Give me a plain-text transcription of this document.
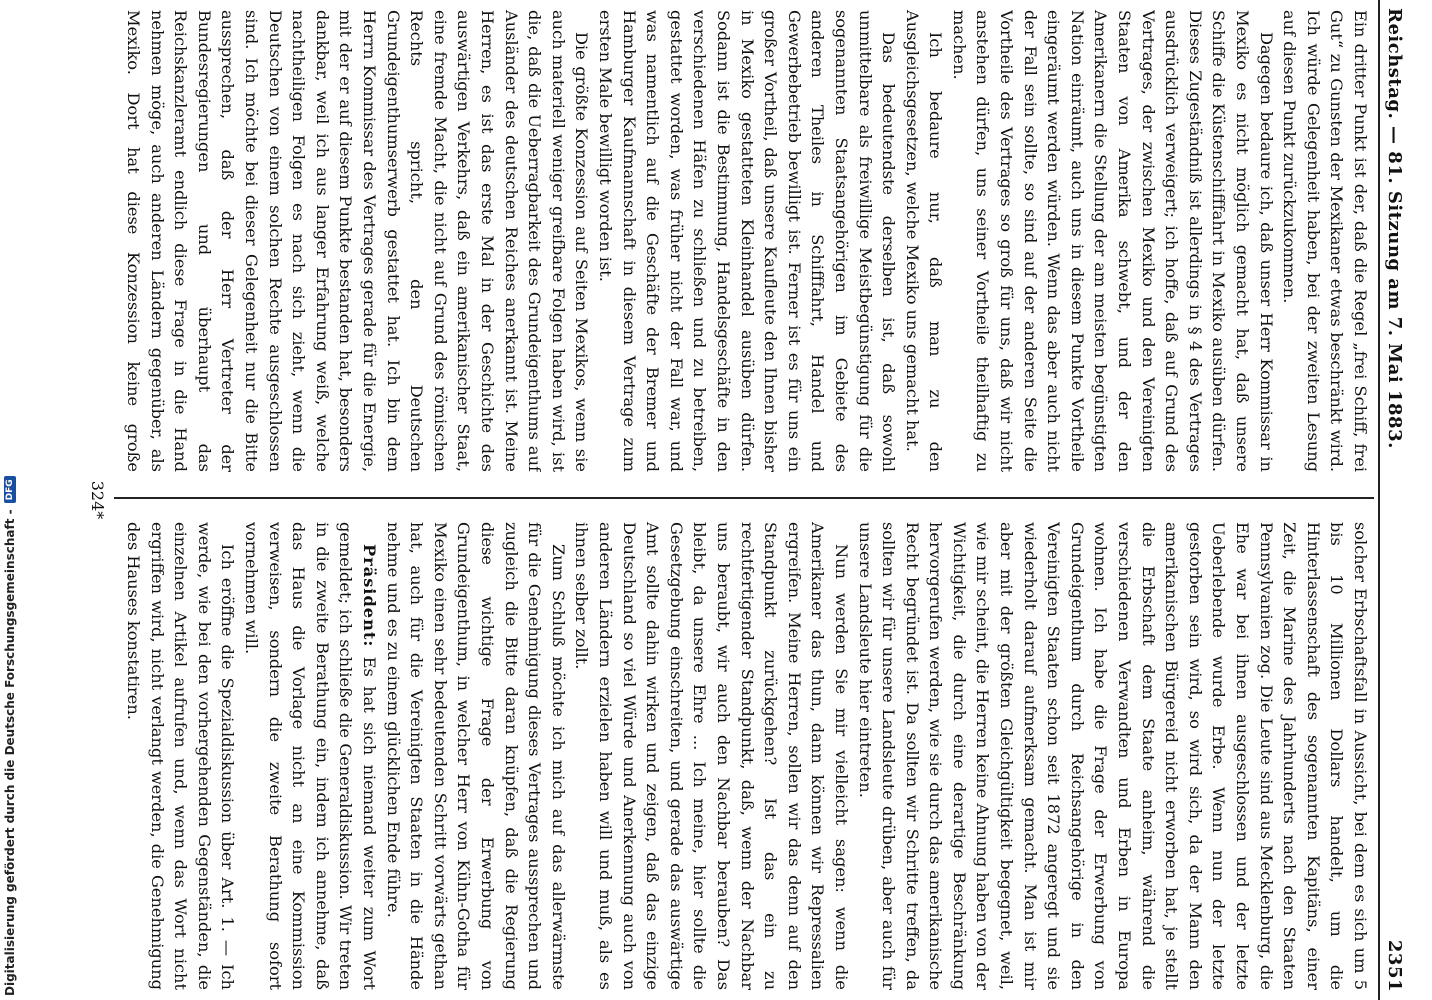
Reichstag. — 81. Sitzung am 7. Mai 1883.
2351

Ein dritter Punkt ist der, daß die Regel „frei Schiff, frei Gut“ zu Gunsten der Mexikaner etwas beschränkt wird. Ich würde Gelegenheit haben, bei der zweiten Lesung auf diesen Punkt zurückzukommen.

Dagegen bedaure ich, daß unser Herr Kommissar in Mexiko es nicht möglich gemacht hat, daß unsere Schiffe die Küstenschifffahrt in Mexiko ausüben dürfen. Dieses Zugeständniß ist allerdings in § 4 des Vertrages ausdrücklich verweigert; ich hoffe, daß auf Grund des Vertrages, der zwischen Mexiko und den Vereinigten Staaten von Amerika schwebt, und der den Amerikanern die Stellung der am meisten begünstigten Nation einräumt, auch uns in diesem Punkte Vortheile eingeräumt werden würden. Wenn das aber auch nicht der Fall sein sollte, so sind auf der anderen Seite die Vortheile des Vertrages so groß für uns, daß wir nicht anstehen dürfen, uns seiner Vortheile theilhaftig zu machen.

Ich bedaure nur, daß man zu den Ausgleichsgesetzen, welche Mexiko uns gemacht hat.

Das bedeutendste derselben ist, daß sowohl unmittelbare als freiwillige Meistbegünstigung für die sogenannten Staatsangehörigen im Gebiete des anderen Theiles in Schifffahrt, Handel und Gewerbebetrieb bewilligt ist. Ferner ist es für uns ein großer Vortheil, daß unsere Kaufleute den Ihnen bisher in Mexiko gestatteten Kleinhandel ausüben dürfen. Sodann ist die Bestimmung, Handelsgeschäfte in den verschiedenen Häfen zu schließen und zu betreiben, gestattet worden, was früher nicht der Fall war, und was namentlich auf die Geschäfte der Bremer und Hamburger Kaufmannschaft in diesem Vertrage zum ersten Male bewilligt worden ist.

Die größte Konzession auf Seiten Mexikos, wenn sie auch materiell weniger greifbare Folgen haben wird, ist die, daß die Ueberragbarkeit des Grundeigenthums auf Ausländer des deutschen Reiches anerkannt ist. Meine Herren, es ist das erste Mal in der Geschichte des auswärtigen Verkehrs, daß ein amerikanischer Staat, eine fremde Macht, die nicht auf Grund des römischen Rechts spricht, den Deutschen Grundeigenthumserwerb gestattet hat. Ich bin dem Herrn Kommissar des Vertrages gerade für die Energie, mit der er auf diesem Punkte bestanden hat, besonders dankbar, weil ich aus langer Erfahrung weiß, welche nachtheiligen Folgen es nach sich zieht, wenn die Deutschen von einem solchen Rechte ausgeschlossen sind. Ich möchte bei dieser Gelegenheit nur die Bitte aussprechen, daß der Herr Vertreter der Bundesregierungen und überhaupt das Reichskanzleramt endlich diese Frage in die Hand nehmen möge, auch anderen Ländern gegenüber, als Mexiko. Dort hat diese Konzession keine große

solcher Erbschaftsfall in Aussicht, bei dem es sich um 5 bis 10 Millionen Dollars handelt, um die Hinterlassenschaft des sogenannten Kapitäns, einer Zeit, die Marine des Jahrhunderts nach den Staaten Pennsylvanien zog. Die Leute sind aus Mecklenburg, die Ehe war bei ihnen ausgeschlossen und der letzte Ueberlebende wurde Erbe. Wenn nun der letzte gestorben sein wird, so wird sich, da der Mann den amerikanischen Bürgereid nicht erworben hat, je stellt die Erbschaft dem Staate anheim, während die verschiedenen Verwandten und Erben in Europa wohnen. Ich habe die Frage der Erwerbung von Grundeigenthum durch Reichsangehörige in den Vereinigten Staaten schon seit 1872 angeregt und sie wiederholt darauf aufmerksam gemacht. Man ist mir aber mit der größten Gleichgültigkeit begegnet, weil, wie mir scheint, die Herren keine Ahnung haben von der Wichtigkeit, die durch eine derartige Beschränkung hervorgerufen werden, wie sie durch das amerikanische Recht begründet ist. Da sollten wir Schritte treffen, da sollten wir für unsere Landsleute drüben, aber auch für unsere Landsleute hier eintreten.

Nun werden Sie mir vielleicht sagen: wenn die Amerikaner das thun, dann können wir Repressalien ergreifen. Meine Herren, sollen wir das denn auf den Standpunkt zurückgehen? Ist das ein zu rechtfertigender Standpunkt, daß, wenn der Nachbar uns beraubt, wir auch den Nachbar berauben? Das bleibt, da unsere Ehre ... Ich meine, hier sollte die Gesetzgebung einschreiten, und gerade das auswärtige Amt sollte dahin wirken und zeigen, daß das einzige Deutschland so viel Würde und Anerkennung auch von anderen Ländern erzielen haben will und muß, als es ihnen selber zollt.

Zum Schluß möchte ich mich auf das allerwärmste für die Genehmigung dieses Vertrages aussprechen und zugleich die Bitte daran knüpfen, daß die Regierung diese wichtige Frage der Erwerbung von Grundeigenthum, in welcher Herr von Kühn-Gotha für Mexiko einen sehr bedeutenden Schritt vorwärts gethan hat, auch für die Vereinigten Staaten in die Hände nehme und es zu einem glücklichen Ende führe.

Präsident: Es hat sich niemand weiter zum Wort gemeldet; ich schließe die Generaldiskussion. Wir treten in die zweite Berathung ein, indem ich annehme, daß das Haus die Vorlage nicht an eine Kommission verweisen, sondern die zweite Berathung sofort vornehmen will.

Ich eröffne die Spezialdiskussion über Art. 1. — Ich werde, wie bei den vorhergehenden Gegenständen, die einzelnen Artikel aufrufen und, wenn das Wort nicht ergriffen wird, nicht verlangt werden, die Genehmigung des Hauses konstatiren.

324*
Digitalisierung gefördert durch die Deutsche Forschungsgemeinschaft -
DFG
